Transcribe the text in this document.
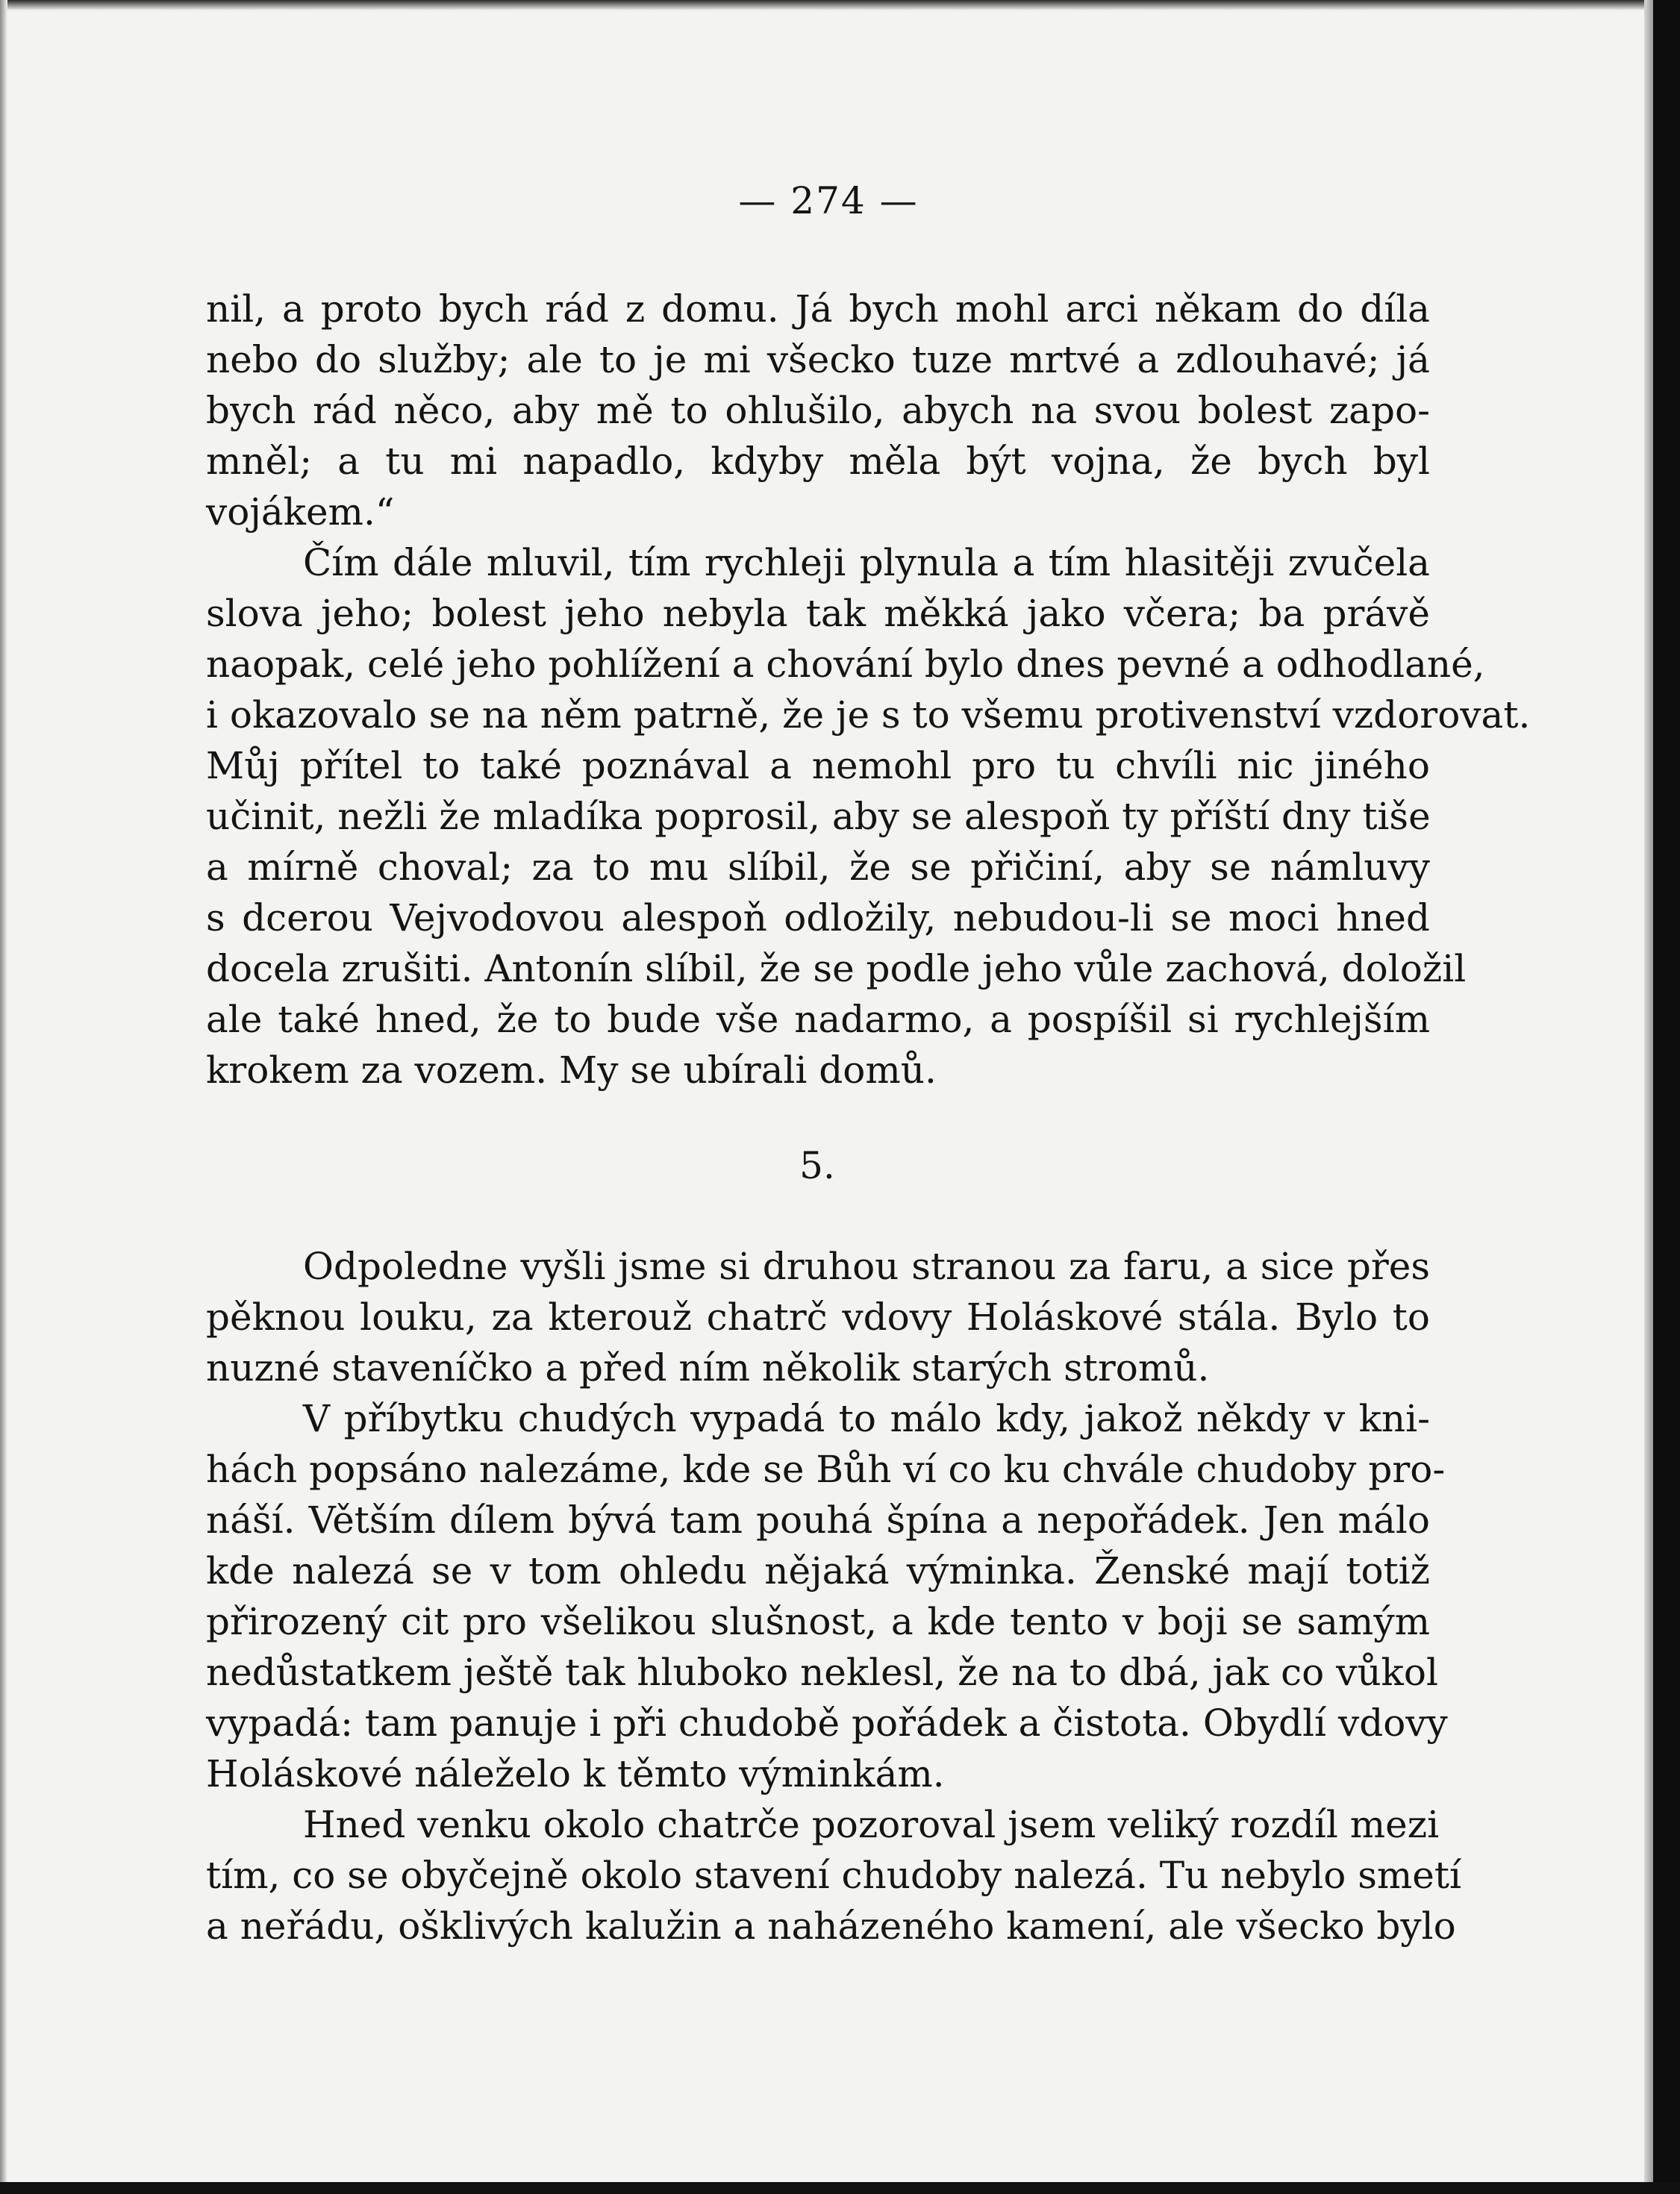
— 274 —
nil, a proto bych rád z domu. Já bych mohl arci někam do díla
nebo do služby; ale to je mi všecko tuze mrtvé a zdlouhavé; já
bych rád něco, aby mě to ohlušilo, abych na svou bolest zapo-
mněl; a tu mi napadlo, kdyby měla být vojna, že bych byl
vojákem.“
Čím dále mluvil, tím rychleji plynula a tím hlasitěji zvučela
slova jeho; bolest jeho nebyla tak měkká jako včera; ba právě
naopak, celé jeho pohlížení a chování bylo dnes pevné a odhodlané,
i okazovalo se na něm patrně, že je s to všemu protivenství vzdorovat.
Můj přítel to také poznával a nemohl pro tu chvíli nic jiného
učinit, nežli že mladíka poprosil, aby se alespoň ty příští dny tiše
a mírně choval; za to mu slíbil, že se přičiní, aby se námluvy
s dcerou Vejvodovou alespoň odložily, nebudou-li se moci hned
docela zrušiti. Antonín slíbil, že se podle jeho vůle zachová, doložil
ale také hned, že to bude vše nadarmo, a pospíšil si rychlejším
krokem za vozem. My se ubírali domů.
5.
Odpoledne vyšli jsme si druhou stranou za faru, a sice přes
pěknou louku, za kterouž chatrč vdovy Holáskové stála. Bylo to
nuzné staveníčko a před ním několik starých stromů.
V příbytku chudých vypadá to málo kdy, jakož někdy v kni-
hách popsáno nalezáme, kde se Bůh ví co ku chvále chudoby pro-
náší. Větším dílem bývá tam pouhá špína a nepořádek. Jen málo
kde nalezá se v tom ohledu nějaká výminka. Ženské mají totiž
přirozený cit pro všelikou slušnost, a kde tento v boji se samým
nedůstatkem ještě tak hluboko neklesl, že na to dbá, jak co vůkol
vypadá: tam panuje i při chudobě pořádek a čistota. Obydlí vdovy
Holáskové náleželo k těmto výminkám.
Hned venku okolo chatrče pozoroval jsem veliký rozdíl mezi
tím, co se obyčejně okolo stavení chudoby nalezá. Tu nebylo smetí
a neřádu, ošklivých kalužin a naházeného kamení, ale všecko bylo
